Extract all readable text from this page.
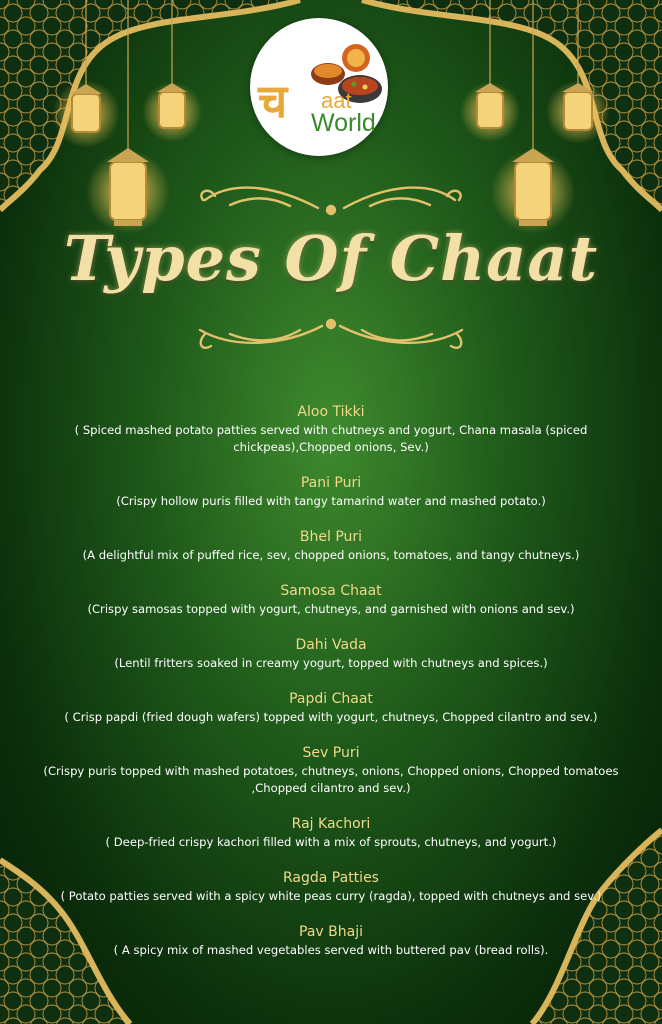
च aat
World
Types Of Chaat
Aloo Tikki
( Spiced mashed potato patties served with chutneys and yogurt, Chana masala (spiced chickpeas),Chopped onions, Sev.)
Pani Puri
(Crispy hollow puris filled with tangy tamarind water and mashed potato.)
Bhel Puri
(A delightful mix of puffed rice, sev, chopped onions, tomatoes, and tangy chutneys.)
Samosa Chaat
(Crispy samosas topped with yogurt, chutneys, and garnished with onions and sev.)
Dahi Vada
(Lentil fritters soaked in creamy yogurt, topped with chutneys and spices.)
Papdi Chaat
( Crisp papdi (fried dough wafers) topped with yogurt, chutneys, Chopped cilantro and sev.)
Sev Puri
(Crispy puris topped with mashed potatoes, chutneys, onions, Chopped onions, Chopped tomatoes ,Chopped cilantro and sev.)
Raj Kachori
( Deep-fried crispy kachori filled with a mix of sprouts, chutneys, and yogurt.)
Ragda Patties
( Potato patties served with a spicy white peas curry (ragda), topped with chutneys and sev.)
Pav Bhaji
( A spicy mix of mashed vegetables served with buttered pav (bread rolls).
